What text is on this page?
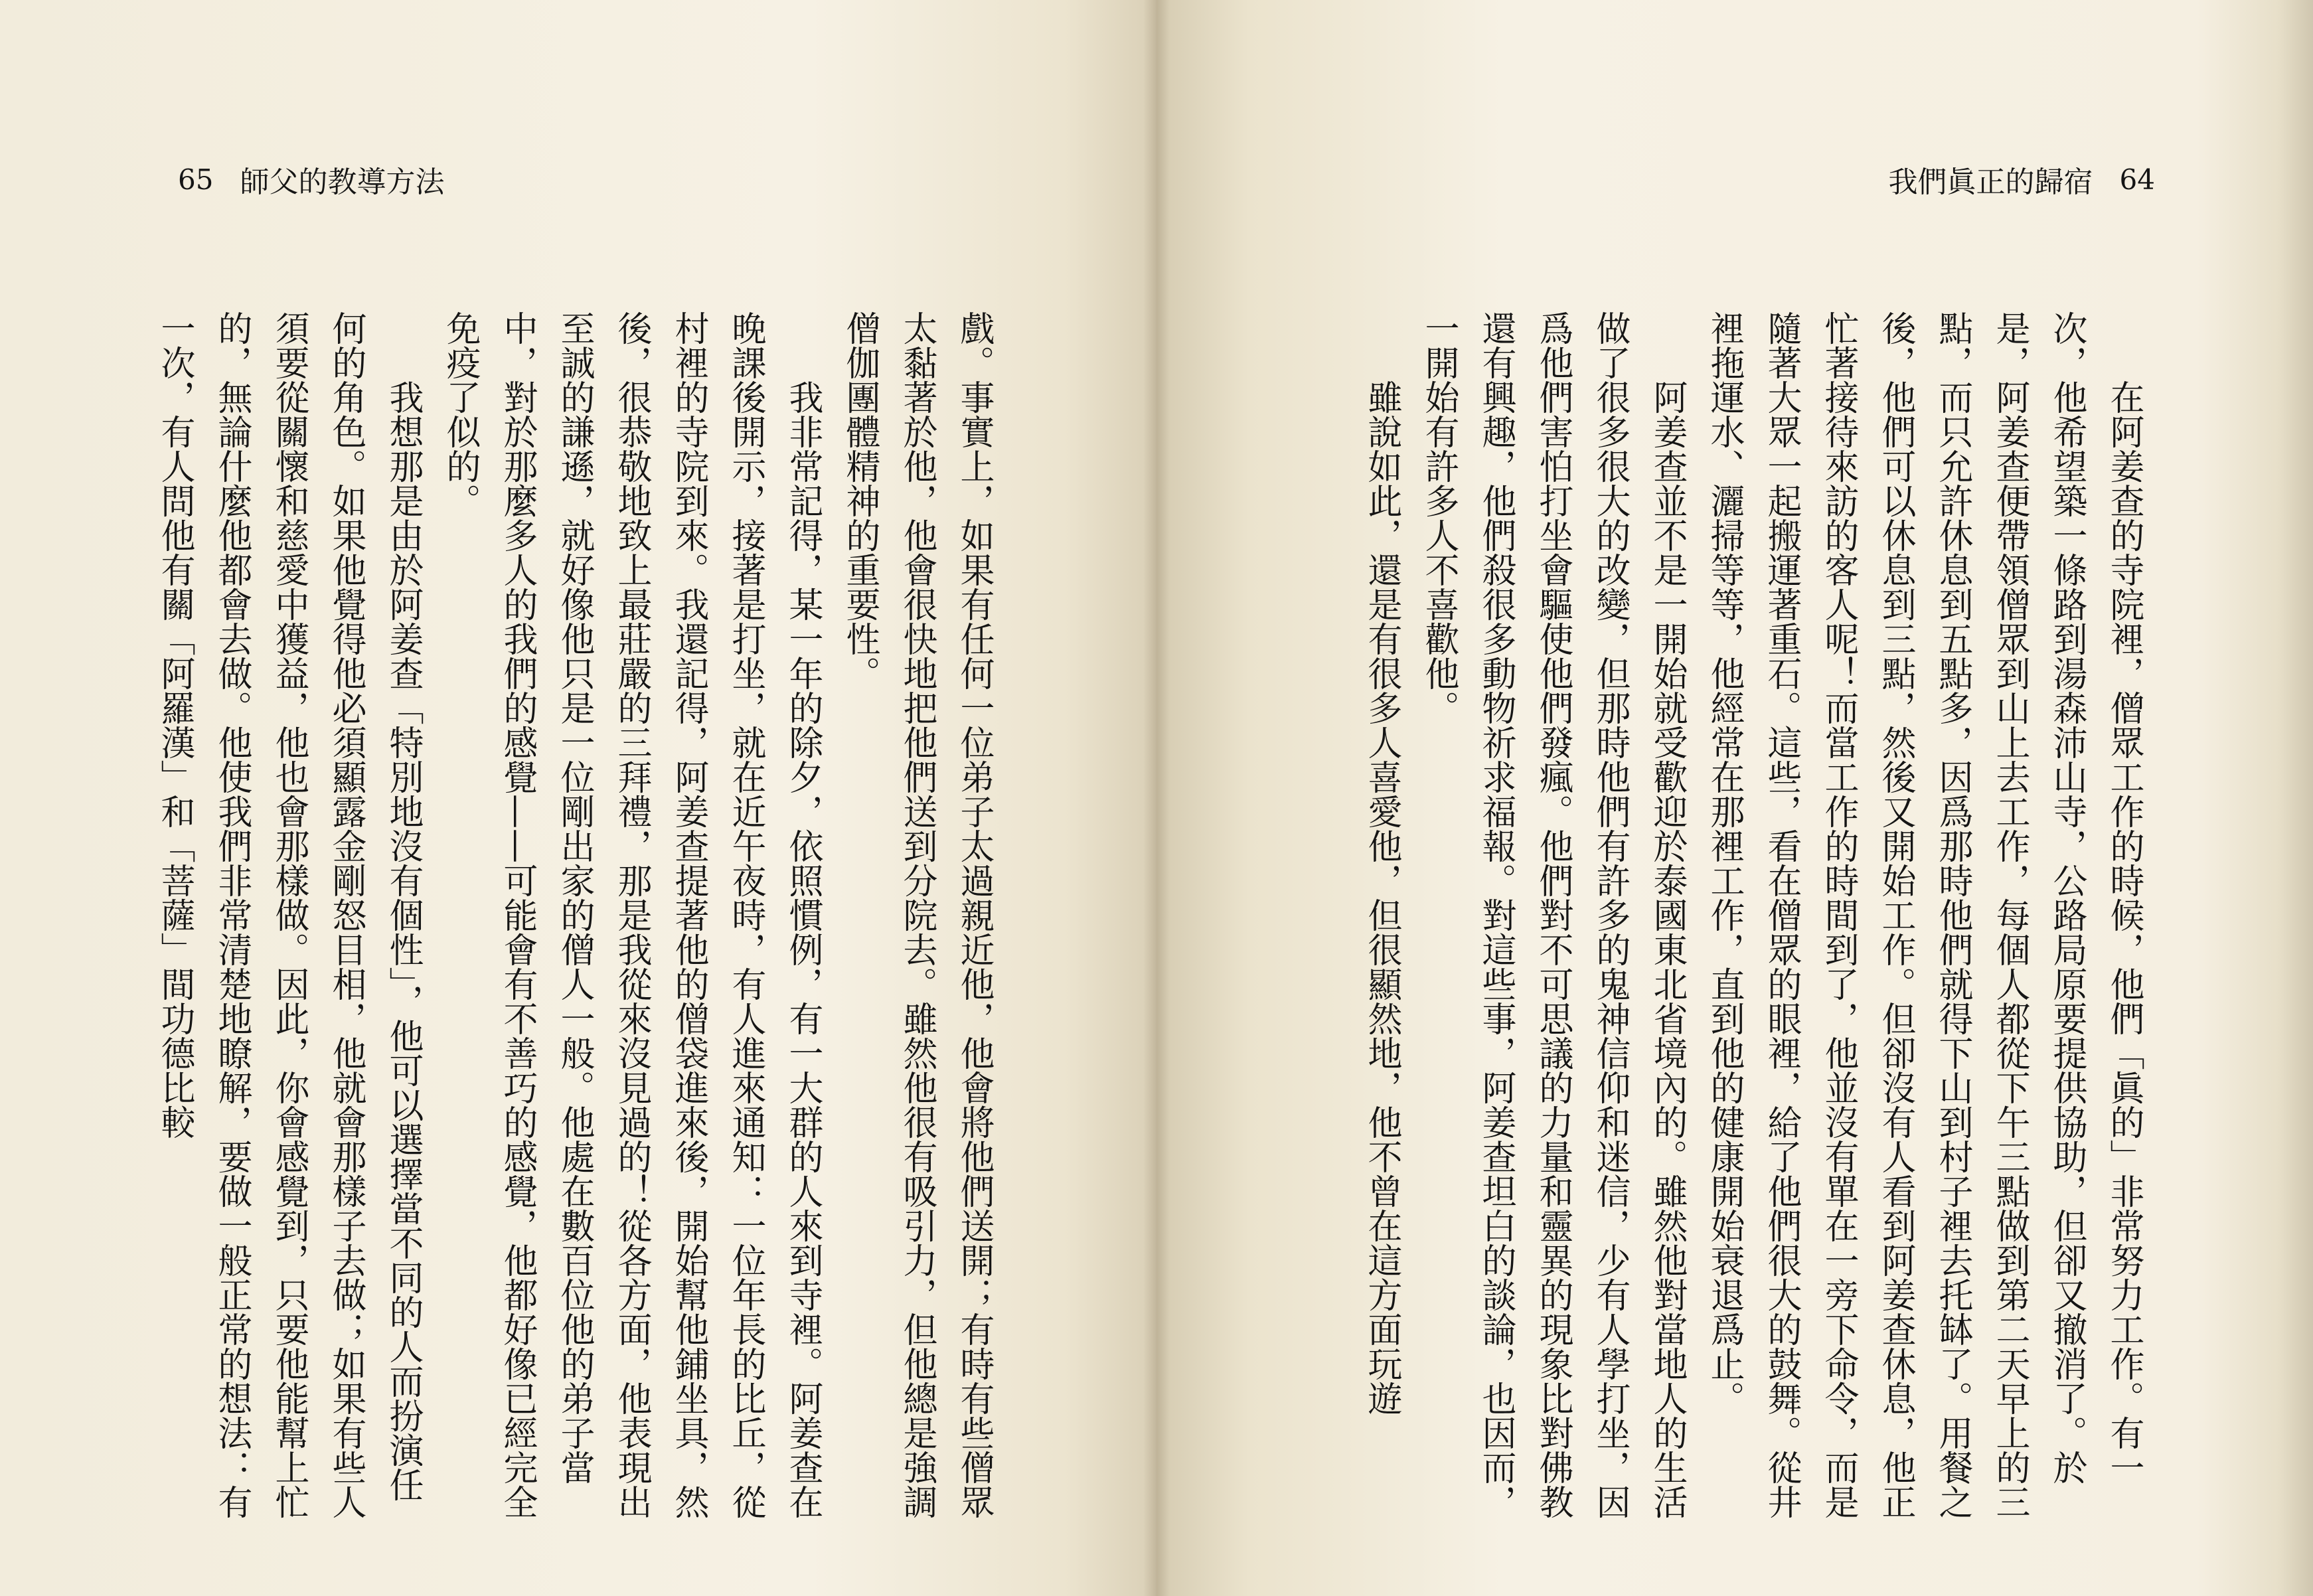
65 師父的教導方法

戲。事實上，如果有任何一位弟子太過親近他，他會將他們送開；有時有些僧眾太黏著於他，他會很快地把他們送到分院去。雖然他很有吸引力，但他總是強調僧伽團體精神的重要性。

我非常記得，某一年的除夕，依照慣例，有一大群的人來到寺裡。阿姜查在晚課後開示，接著是打坐，就在近午夜時，有人進來通知：一位年長的比丘，從村裡的寺院到來。我還記得，阿姜查提著他的僧袋進來後，開始幫他鋪坐具，然後，很恭敬地致上最莊嚴的三拜禮，那是我從來沒見過的！從各方面，他表現出至誠的謙遜，就好像他只是一位剛出家的僧人一般。他處在數百位他的弟子當中，對於那麼多人的我們的感覺——可能會有不善巧的感覺，他都好像已經完全免疫了似的。

我想那是由於阿姜查「特別地沒有個性」，他可以選擇當不同的人而扮演任何的角色。如果他覺得他必須顯露金剛怒目相，他就會那樣子去做；如果有些人須要從關懷和慈愛中獲益，他也會那樣做。因此，你會感覺到，只要他能幫上忙的，無論什麼他都會去做。他使我們非常清楚地瞭解，要做一般正常的想法：有一次，有人問他有關「阿羅漢」和「菩薩」間功德比較

我們眞正的歸宿 64

在阿姜查的寺院裡，僧眾工作的時候，他們「眞的」非常努力工作。有一次，他希望築一條路到湯森沛山寺，公路局原要提供協助，但卻又撤消了。於是，阿姜查便帶領僧眾到山上去工作，每個人都從下午三點做到第二天早上的三點，而只允許休息到五點多，因爲那時他們就得下山到村子裡去托缽了。用餐之後，他們可以休息到三點，然後又開始工作。但卻沒有人看到阿姜查休息，他正忙著接待來訪的客人呢！而當工作的時間到了，他並沒有單在一旁下命令，而是隨著大眾一起搬運著重石。這些，看在僧眾的眼裡，給了他們很大的鼓舞。從井裡拖運水、灑掃等等，他經常在那裡工作，直到他的健康開始衰退爲止。

阿姜查並不是一開始就受歡迎於泰國東北省境內的。雖然他對當地人的生活做了很多很大的改變，但那時他們有許多的鬼神信仰和迷信，少有人學打坐，因爲他們害怕打坐會驅使他們發瘋。他們對不可思議的力量和靈異的現象比對佛教還有興趣，他們殺很多動物祈求福報。對這些事，阿姜查坦白的談論，也因而，一開始有許多人不喜歡他。

雖說如此，還是有很多人喜愛他，但很顯然地，他不曾在這方面玩遊
